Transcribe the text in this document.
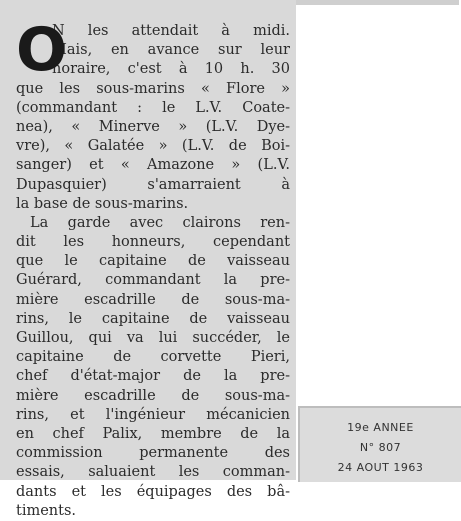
O
N les attendait à midi.
Mais, en avance sur leur
horaire, c'est à 10 h. 30
que les sous-marins « Flore »
(commandant : le L.V. Coate-
nea), « Minerve » (L.V. Dye-
vre), « Galatée » (L.V. de Boi-
sanger) et « Amazone » (L.V.
Dupasquier) s'amarraient à
la base de sous-marins.
La garde avec clairons ren-
dit les honneurs, cependant
que le capitaine de vaisseau
Guérard, commandant la pre-
mière escadrille de sous-ma-
rins, le capitaine de vaisseau
Guillou, qui va lui succéder, le
capitaine de corvette Pieri,
chef d'état-major de la pre-
mière escadrille de sous-ma-
rins, et l'ingénieur mécanicien
en chef Palix, membre de la
commission permanente des
essais, saluaient les comman-
dants et les équipages des bâ-
timents.
19e ANNEE
N° 807
24 AOUT 1963
